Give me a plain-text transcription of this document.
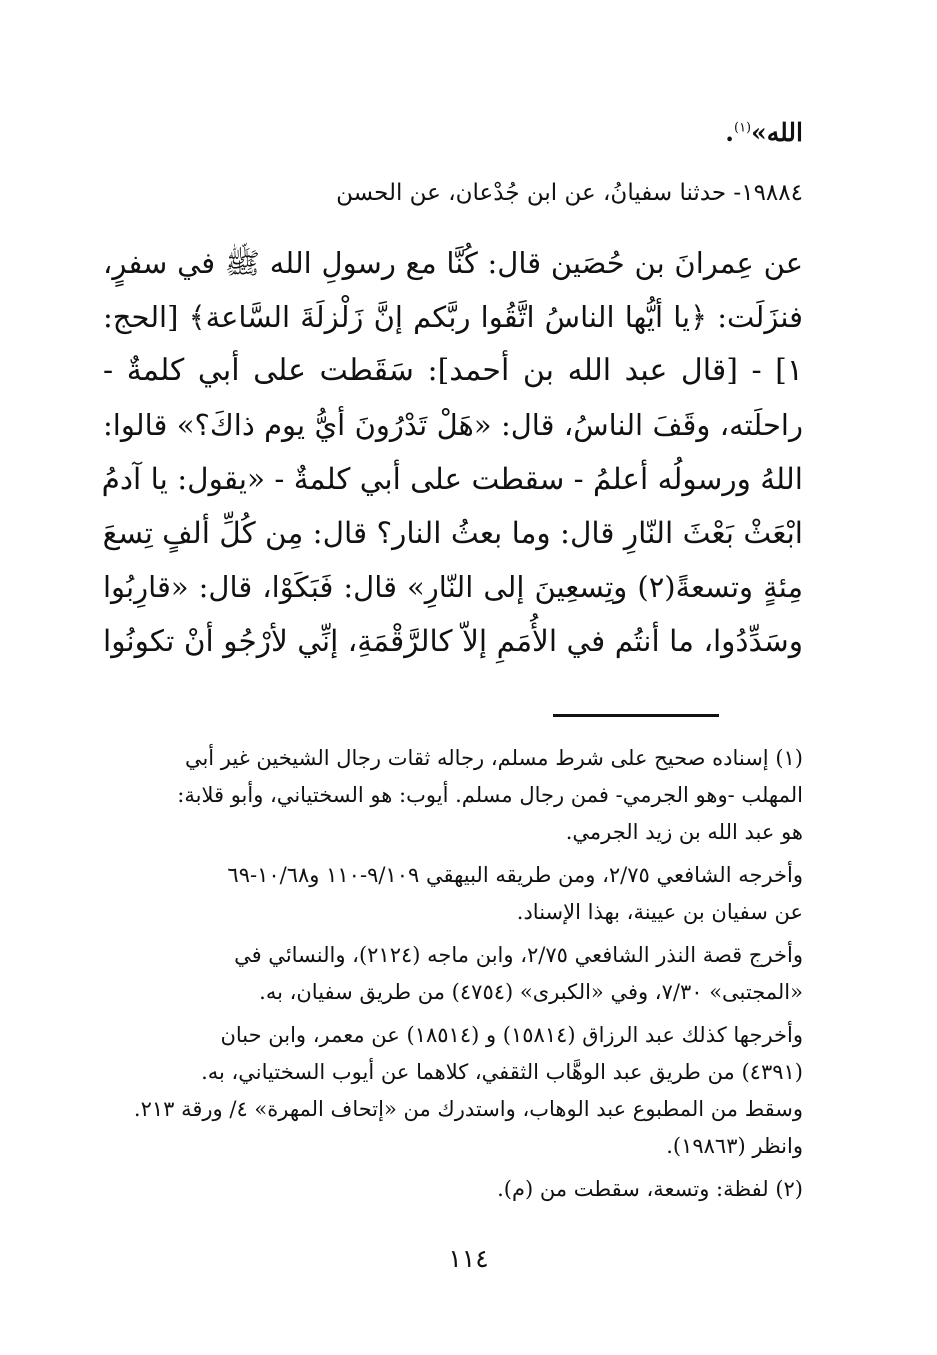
الله»$^{(١)}$.
١٩٨٨٤- حدثنا سفيانُ، عن ابن جُدْعان، عن الحسن
عن عِمرانَ بن حُصَين قال: كُنَّا مع رسولِ الله ﷺ في سفرٍ،
فنزَلَت: ﴿يا أيُّها الناسُ اتَّقُوا ربَّكم إنَّ زَلْزلَةَ السَّاعة﴾ [الحج:
١] - [قال عبد الله بن أحمد]: سَقَطت على أبي كلمةٌ -
راحلَته، وقَفَ الناسُ، قال: «هَلْ تَدْرُونَ أيُّ يوم ذاكَ؟» قالوا:
اللهُ ورسولُه أعلمُ - سقطت على أبي كلمةٌ - «يقول: يا آدمُ
ابْعَثْ بَعْثَ النّارِ قال: وما بعثُ النار؟ قال: مِن كُلِّ ألفٍ تِسعَ
مِئةٍ وتسعةً(٢) وتِسعِينَ إلى النّارِ» قال: فَبَكَوْا، قال: «قارِبُوا
وسَدِّدُوا، ما أنتُم في الأُمَمِ إلاّ كالرَّقْمَةِ، إنِّي لأرْجُو أنْ تكونُوا
(١) إسناده صحيح على شرط مسلم، رجاله ثقات رجال الشيخين غير أبي
المهلب -وهو الجرمي- فمن رجال مسلم. أيوب: هو السختياني، وأبو قلابة:
هو عبد الله بن زيد الجرمي.
وأخرجه الشافعي ٢/٧٥، ومن طريقه البيهقي ٩/١٠٩-١١٠ و١٠/٦٨-٦٩
عن سفيان بن عيينة، بهذا الإسناد.
وأخرج قصة النذر الشافعي ٢/٧٥، وابن ماجه (٢١٢٤)، والنسائي في
«المجتبى» ٧/٣٠، وفي «الكبرى» (٤٧٥٤) من طريق سفيان، به.
وأخرجها كذلك عبد الرزاق (١٥٨١٤) و (١٨٥١٤) عن معمر، وابن حبان
(٤٣٩١) من طريق عبد الوهَّاب الثقفي، كلاهما عن أيوب السختياني، به.
وسقط من المطبوع عبد الوهاب، واستدرك من «إتحاف المهرة» ٤/ ورقة ٢١٣.
وانظر (١٩٨٦٣).
(٢) لفظة: وتسعة، سقطت من (م).
١١٤
